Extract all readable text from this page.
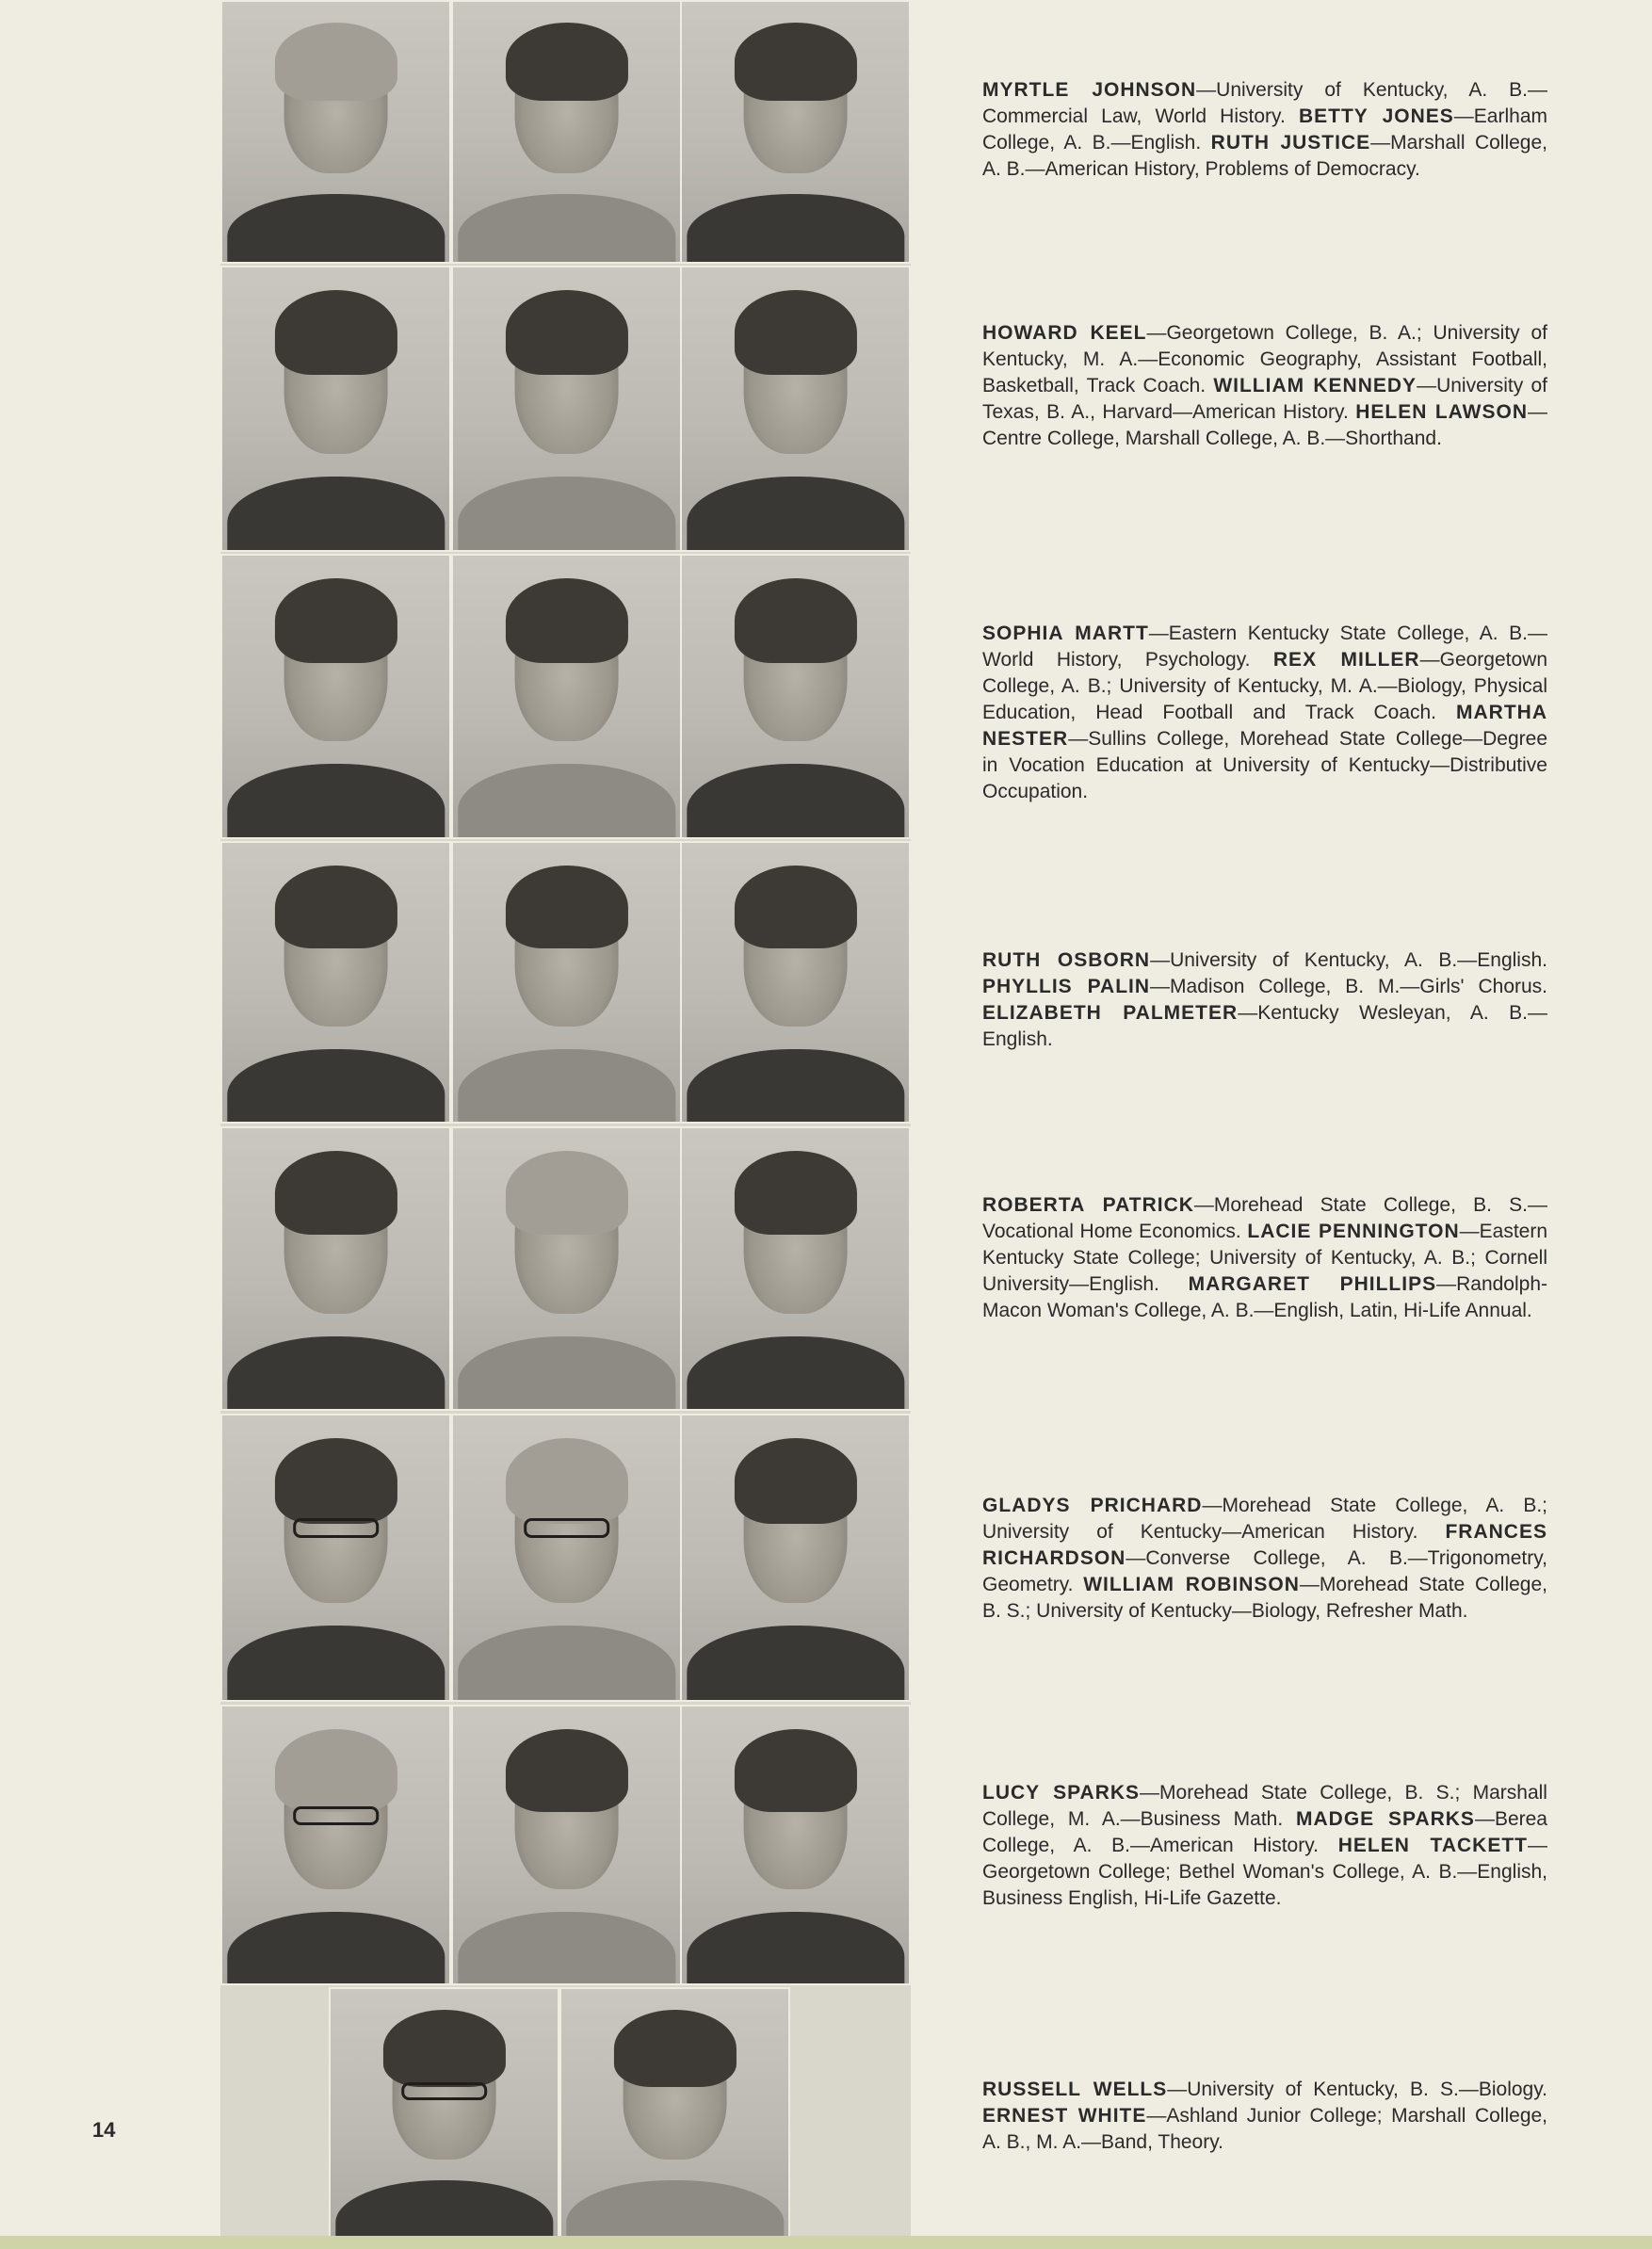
MYRTLE JOHNSON—University of Kentucky, A. B.—Commercial Law, World History. BETTY JONES—Earlham College, A. B.—English. RUTH JUSTICE—Marshall College, A. B.—American History, Problems of Democracy.
HOWARD KEEL—Georgetown College, B. A.; University of Kentucky, M. A.—Economic Geography, Assistant Football, Basketball, Track Coach. WILLIAM KENNEDY—University of Texas, B. A., Harvard—American History. HELEN LAWSON—Centre College, Marshall College, A. B.—Shorthand.
SOPHIA MARTT—Eastern Kentucky State College, A. B.—World History, Psychology. REX MILLER—Georgetown College, A. B.; University of Kentucky, M. A.—Biology, Physical Education, Head Football and Track Coach. MARTHA NESTER—Sullins College, Morehead State College—Degree in Vocation Education at University of Kentucky—Distributive Occupation.
RUTH OSBORN—University of Kentucky, A. B.—English. PHYLLIS PALIN—Madison College, B. M.—Girls' Chorus. ELIZABETH PALMETER—Kentucky Wesleyan, A. B.—English.
ROBERTA PATRICK—Morehead State College, B. S.—Vocational Home Economics. LACIE PENNINGTON—Eastern Kentucky State College; University of Kentucky, A. B.; Cornell University—English. MARGARET PHILLIPS—Randolph-Macon Woman's College, A. B.—English, Latin, Hi-Life Annual.
GLADYS PRICHARD—Morehead State College, A. B.; University of Kentucky—American History. FRANCES RICHARDSON—Converse College, A. B.—Trigonometry, Geometry. WILLIAM ROBINSON—Morehead State College, B. S.; University of Kentucky—Biology, Refresher Math.
LUCY SPARKS—Morehead State College, B. S.; Marshall College, M. A.—Business Math. MADGE SPARKS—Berea College, A. B.—American History. HELEN TACKETT—Georgetown College; Bethel Woman's College, A. B.—English, Business English, Hi-Life Gazette.
RUSSELL WELLS—University of Kentucky, B. S.—Biology. ERNEST WHITE—Ashland Junior College; Marshall College, A. B., M. A.—Band, Theory.
14
